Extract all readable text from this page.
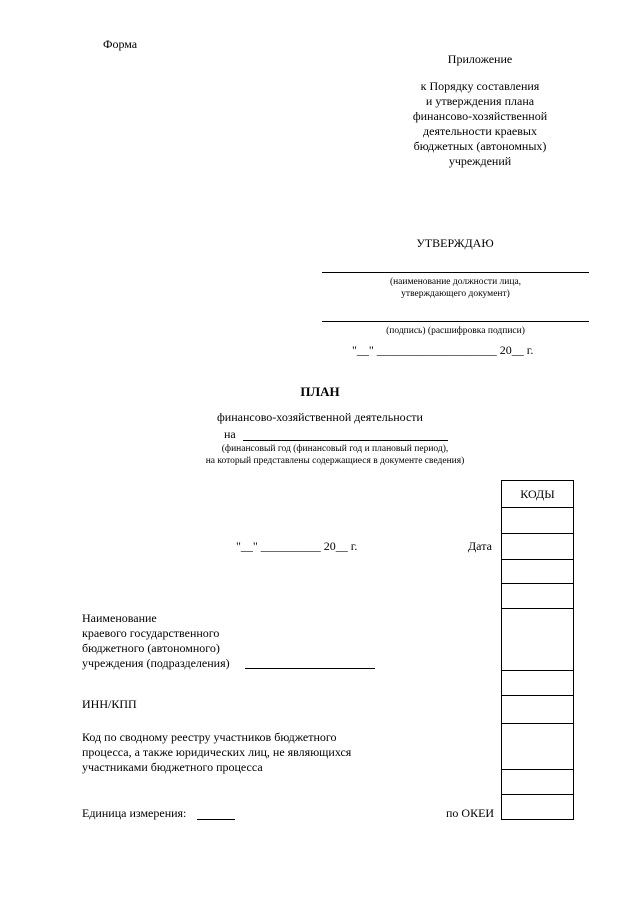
Форма
Приложение
к Порядку составления
и утверждения плана
финансово-хозяйственной
деятельности краевых
бюджетных (автономных)
учреждений
УТВЕРЖДАЮ
(наименование должности лица,
утверждающего документ)
(подпись) (расшифровка подписи)
"__" ____________________ 20__ г.
ПЛАН
финансово-хозяйственной деятельности
на
(финансовый год (финансовый год и плановый период),
на который представлены содержащиеся в документе сведения)
КОДЫ
"__" __________ 20__ г.	Дата
Наименование
краевого государственного
бюджетного (автономного)
учреждения (подразделения)
ИНН/КПП
Код по сводному реестру участников бюджетного
процесса, а также юридических лиц, не являющихся
участниками бюджетного процесса
Единица измерения:	по ОКЕИ
